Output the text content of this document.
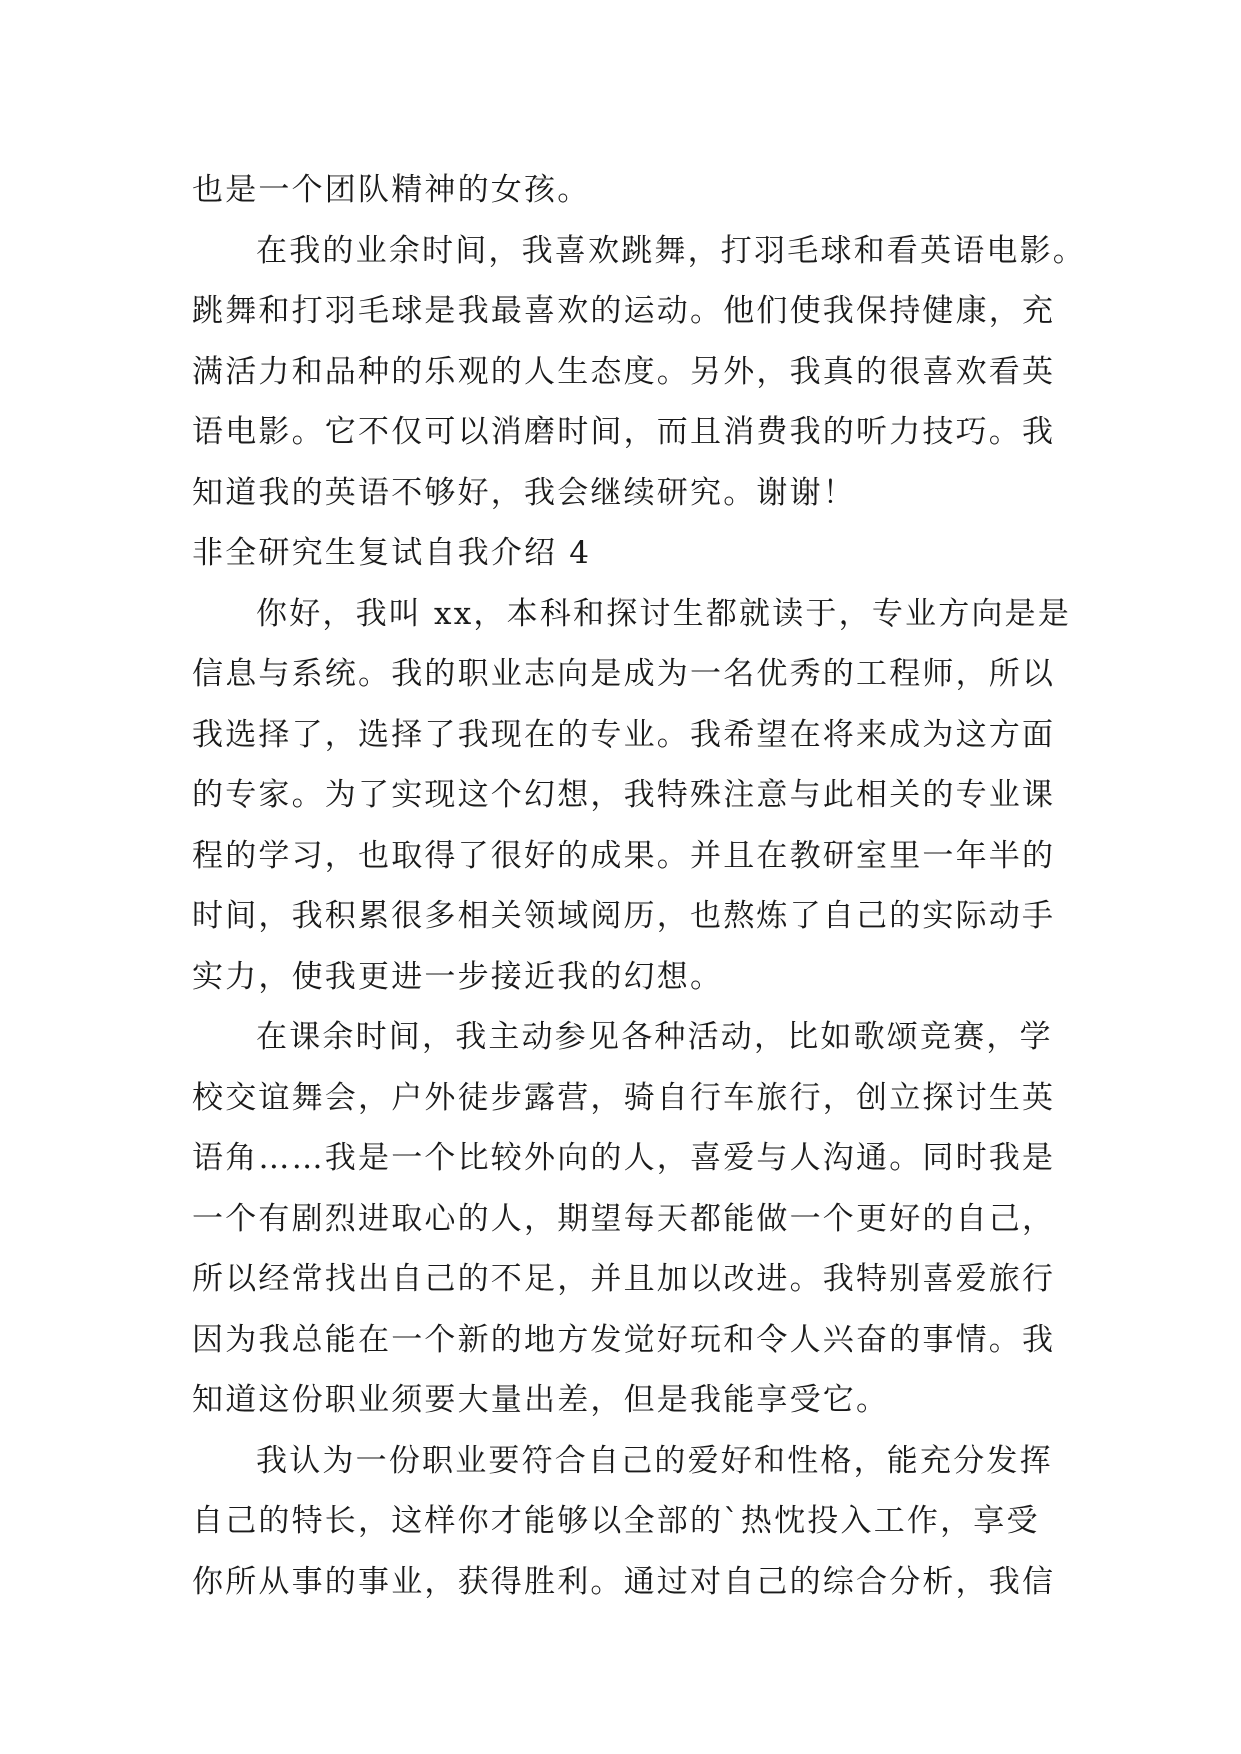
也是一个团队精神的女孩。
在我的业余时间，我喜欢跳舞，打羽毛球和看英语电影。
跳舞和打羽毛球是我最喜欢的运动。他们使我保持健康，充
满活力和品种的乐观的人生态度。另外，我真的很喜欢看英
语电影。它不仅可以消磨时间，而且消费我的听力技巧。我
知道我的英语不够好，我会继续研究。谢谢！
非全研究生复试自我介绍 4
你好，我叫 xx，本科和探讨生都就读于，专业方向是是
信息与系统。我的职业志向是成为一名优秀的工程师，所以
我选择了，选择了我现在的专业。我希望在将来成为这方面
的专家。为了实现这个幻想，我特殊注意与此相关的专业课
程的学习，也取得了很好的成果。并且在教研室里一年半的
时间，我积累很多相关领域阅历，也熬炼了自己的实际动手
实力，使我更进一步接近我的幻想。
在课余时间，我主动参见各种活动，比如歌颂竞赛，学
校交谊舞会，户外徒步露营，骑自行车旅行，创立探讨生英
语角……我是一个比较外向的人，喜爱与人沟通。同时我是
一个有剧烈进取心的人，期望每天都能做一个更好的自己，
所以经常找出自己的不足，并且加以改进。我特别喜爱旅行
因为我总能在一个新的地方发觉好玩和令人兴奋的事情。我
知道这份职业须要大量出差，但是我能享受它。
我认为一份职业要符合自己的爱好和性格，能充分发挥
自己的特长，这样你才能够以全部的`热忱投入工作，享受
你所从事的事业，获得胜利。通过对自己的综合分析，我信
